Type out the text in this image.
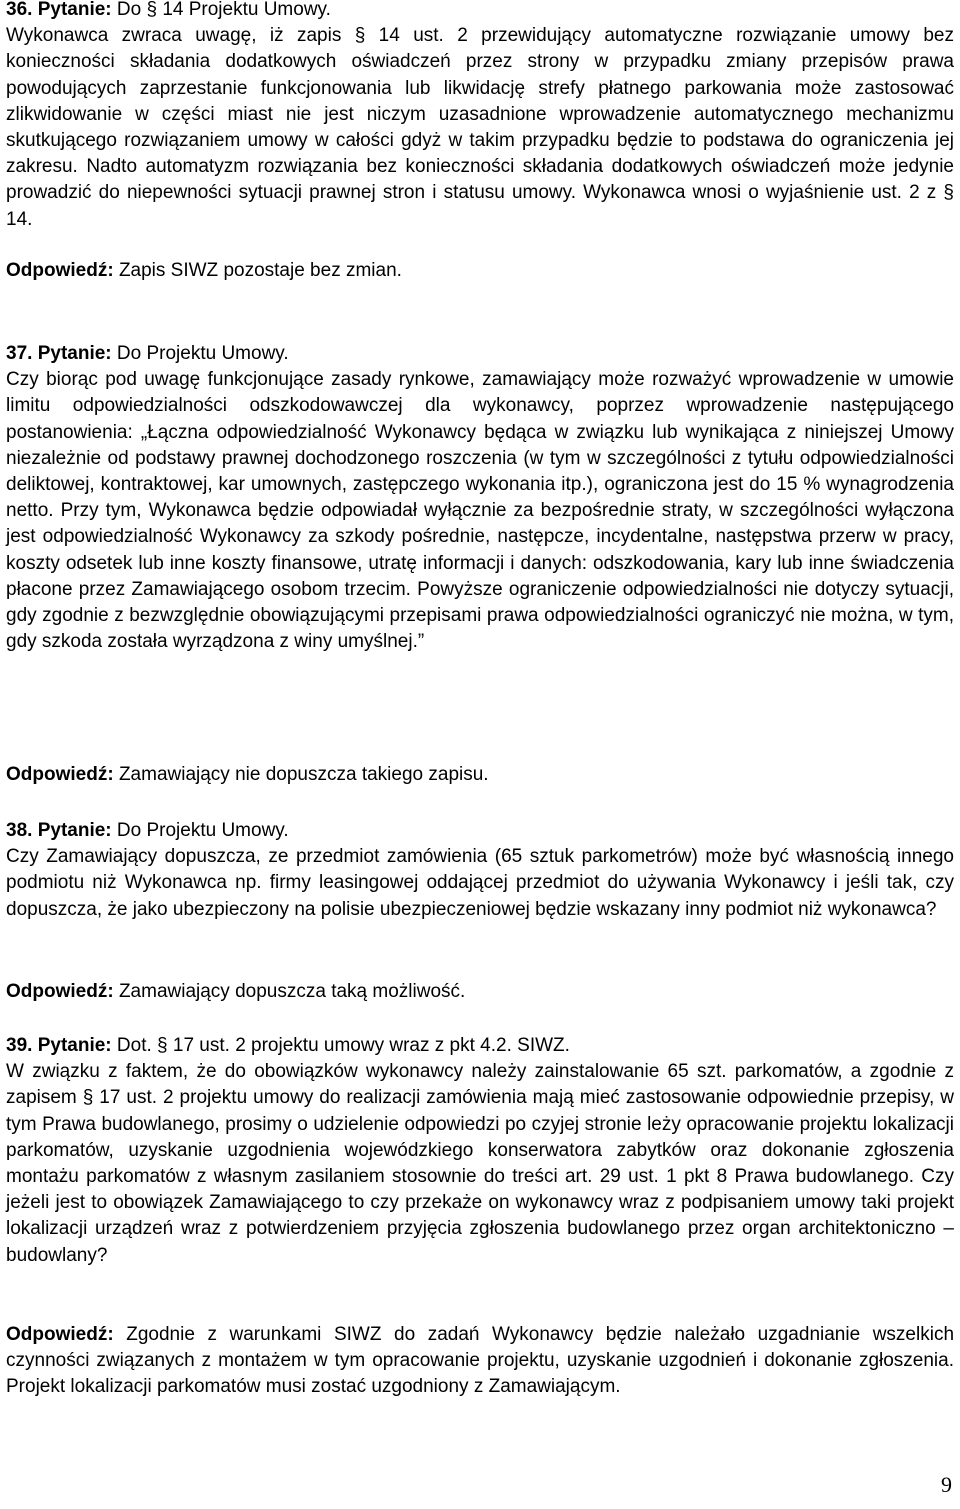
36. Pytanie: Do § 14 Projektu Umowy.

Wykonawca zwraca uwagę, iż zapis § 14 ust. 2 przewidujący automatyczne rozwiązanie umowy bez konieczności składania dodatkowych oświadczeń przez strony w przypadku zmiany przepisów prawa powodujących zaprzestanie funkcjonowania lub likwidację strefy płatnego parkowania może zastosować zlikwidowanie w części miast nie jest niczym uzasadnione wprowadzenie automatycznego mechanizmu skutkującego rozwiązaniem umowy w całości gdyż w takim przypadku będzie to podstawa do ograniczenia jej zakresu. Nadto automatyzm rozwiązania bez konieczności składania dodatkowych oświadczeń może jedynie prowadzić do niepewności sytuacji prawnej stron i statusu umowy. Wykonawca wnosi o wyjaśnienie ust. 2 z § 14.

Odpowiedź: Zapis SIWZ pozostaje bez zmian.

37. Pytanie: Do Projektu Umowy.

Czy biorąc pod uwagę funkcjonujące zasady rynkowe, zamawiający może rozważyć wprowadzenie w umowie limitu odpowiedzialności odszkodowawczej dla wykonawcy, poprzez wprowadzenie następującego postanowienia: „Łączna odpowiedzialność Wykonawcy będąca w związku lub wynikająca z niniejszej Umowy niezależnie od podstawy prawnej dochodzonego roszczenia (w tym w szczególności z tytułu odpowiedzialności deliktowej, kontraktowej, kar umownych, zastępczego wykonania itp.), ograniczona jest do 15 % wynagrodzenia netto. Przy tym, Wykonawca będzie odpowiadał wyłącznie za bezpośrednie straty, w szczególności wyłączona jest odpowiedzialność Wykonawcy za szkody pośrednie, następcze, incydentalne, następstwa przerw w pracy, koszty odsetek lub inne koszty finansowe, utratę informacji i danych: odszkodowania, kary lub inne świadczenia płacone przez Zamawiającego osobom trzecim. Powyższe ograniczenie odpowiedzialności nie dotyczy sytuacji, gdy zgodnie z bezwzględnie obowiązującymi przepisami prawa odpowiedzialności ograniczyć nie można, w tym, gdy szkoda została wyrządzona z winy umyślnej.”

Odpowiedź: Zamawiający nie dopuszcza takiego zapisu.

38. Pytanie: Do Projektu Umowy.

Czy Zamawiający dopuszcza, ze przedmiot zamówienia (65 sztuk parkometrów) może być własnością innego podmiotu niż Wykonawca np. firmy leasingowej oddającej przedmiot do używania Wykonawcy i jeśli tak, czy dopuszcza, że jako ubezpieczony na polisie ubezpieczeniowej będzie wskazany inny podmiot niż wykonawca?

Odpowiedź: Zamawiający dopuszcza taką możliwość.

39. Pytanie: Dot. § 17 ust. 2 projektu umowy wraz z pkt 4.2. SIWZ.

W związku z faktem, że do obowiązków wykonawcy należy zainstalowanie 65 szt. parkomatów, a zgodnie z zapisem § 17 ust. 2 projektu umowy do realizacji zamówienia mają mieć zastosowanie odpowiednie przepisy, w tym Prawa budowlanego, prosimy o udzielenie odpowiedzi po czyjej stronie leży opracowanie projektu lokalizacji parkomatów, uzyskanie uzgodnienia wojewódzkiego konserwatora zabytków oraz dokonanie zgłoszenia montażu parkomatów z własnym zasilaniem stosownie do treści art. 29 ust. 1 pkt 8 Prawa budowlanego. Czy jeżeli jest to obowiązek Zamawiającego to czy przekaże on wykonawcy wraz z podpisaniem umowy taki projekt lokalizacji urządzeń wraz z potwierdzeniem przyjęcia zgłoszenia budowlanego przez organ architektoniczno – budowlany?

Odpowiedź: Zgodnie z warunkami SIWZ do zadań Wykonawcy będzie należało uzgadnianie wszelkich czynności związanych z montażem w tym opracowanie projektu, uzyskanie uzgodnień i dokonanie zgłoszenia. Projekt lokalizacji parkomatów musi zostać uzgodniony z Zamawiającym.

9
